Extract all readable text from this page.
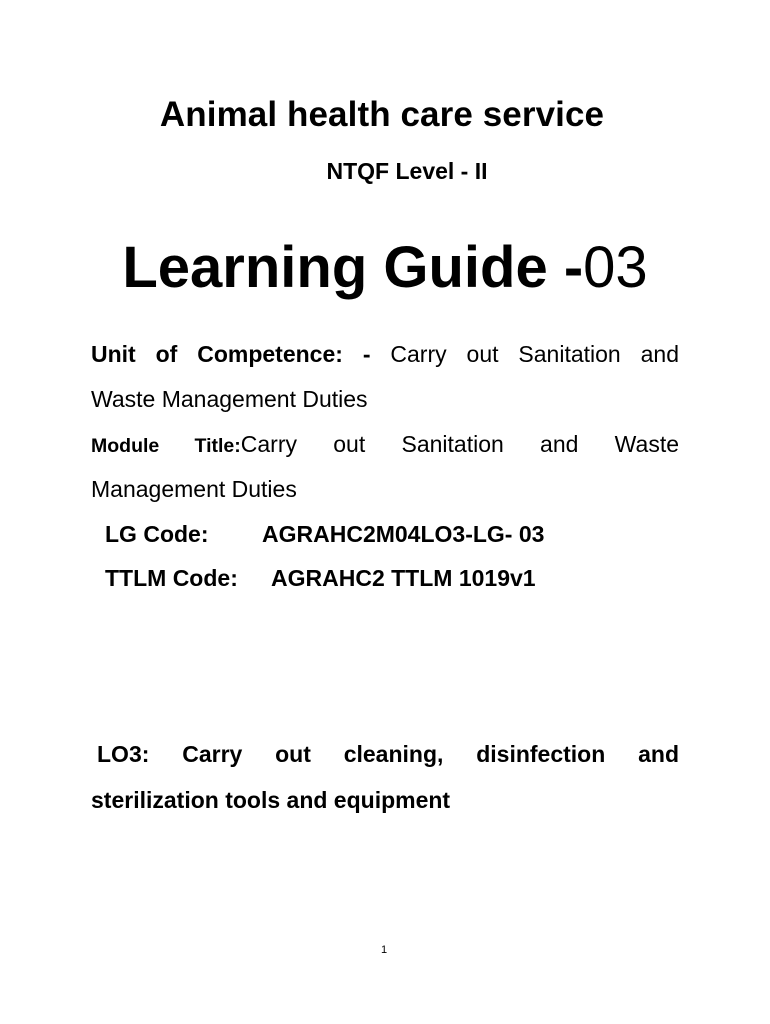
Animal health care service
NTQF Level - II
Learning Guide -03
Unit of Competence: - Carry out Sanitation and
Waste Management Duties
Module Title:Carry out Sanitation and Waste
Management Duties
LG Code: AGRAHC2M04LO3-LG- 03
TTLM Code: AGRAHC2 TTLM 1019v1
LO3: Carry out cleaning, disinfection and
sterilization tools and equipment
1
